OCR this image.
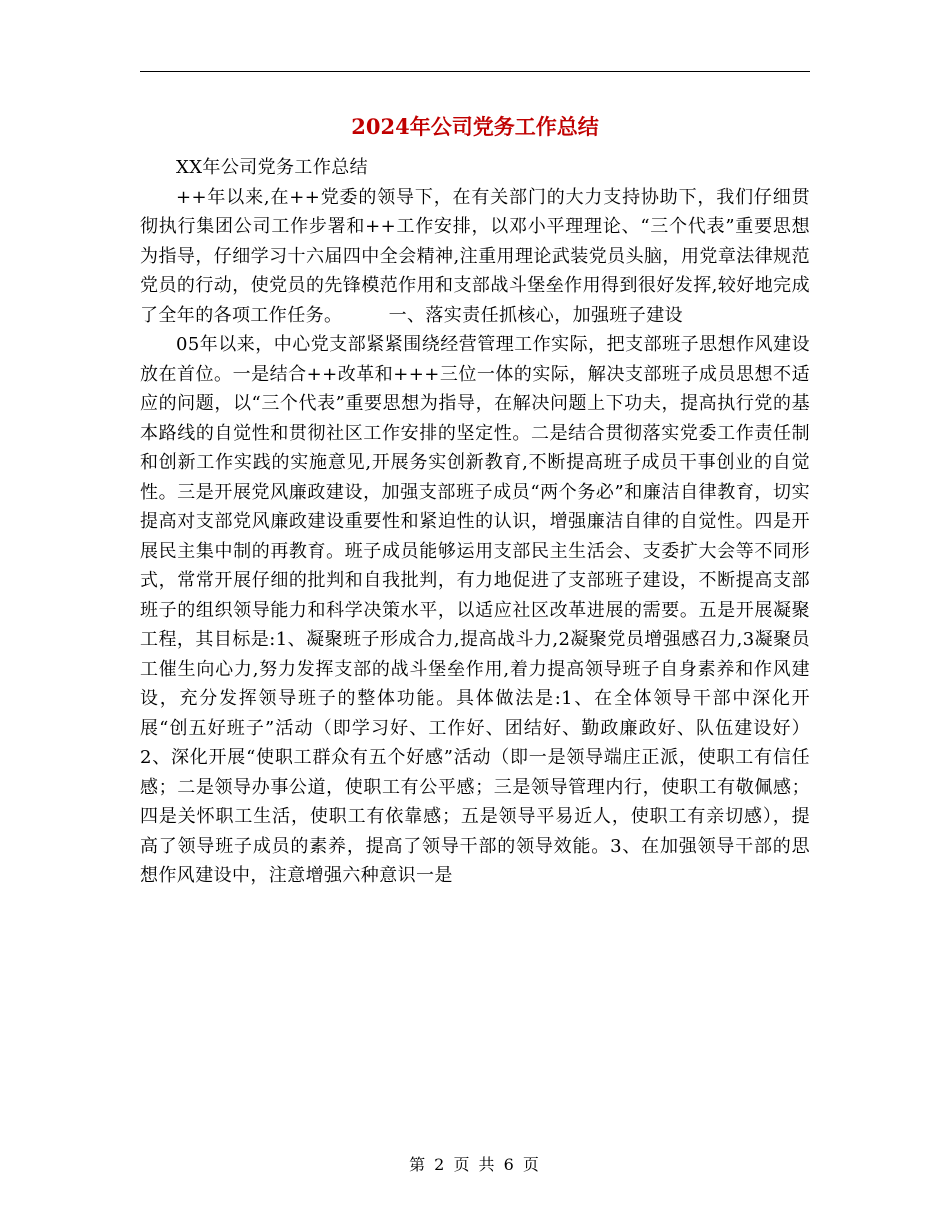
2024年公司党务工作总结

XX年公司党务工作总结

++年以来,在++党委的领导下，在有关部门的大力支持协助下，我们仔细贯彻执行集团公司工作步署和++工作安排，以邓小平理理论、“三个代表”重要思想为指导，仔细学习十六届四中全会精神,注重用理论武装党员头脑，用党章法律规范党员的行动，使党员的先锋模范作用和支部战斗堡垒作用得到很好发挥,较好地完成了全年的各项工作任务。　　　一、落实责任抓核心，加强班子建设

05年以来，中心党支部紧紧围绕经营管理工作实际，把支部班子思想作风建设放在首位。一是结合++改革和+++三位一体的实际，解决支部班子成员思想不适应的问题，以“三个代表”重要思想为指导，在解决问题上下功夫，提高执行党的基本路线的自觉性和贯彻社区工作安排的坚定性。二是结合贯彻落实党委工作责任制和创新工作实践的实施意见,开展务实创新教育,不断提高班子成员干事创业的自觉性。三是开展党风廉政建设，加强支部班子成员“两个务必”和廉洁自律教育，切实提高对支部党风廉政建设重要性和紧迫性的认识，增强廉洁自律的自觉性。四是开展民主集中制的再教育。班子成员能够运用支部民主生活会、支委扩大会等不同形式，常常开展仔细的批判和自我批判，有力地促进了支部班子建设，不断提高支部班子的组织领导能力和科学决策水平，以适应社区改革进展的需要。五是开展凝聚工程，其目标是:1、凝聚班子形成合力,提高战斗力,2凝聚党员增强感召力,3凝聚员工催生向心力,努力发挥支部的战斗堡垒作用,着力提高领导班子自身素养和作风建设，充分发挥领导班子的整体功能。具体做法是:1、在全体领导干部中深化开展“创五好班子”活动（即学习好、工作好、团结好、勤政廉政好、队伍建设好）2、深化开展“使职工群众有五个好感”活动（即一是领导端庄正派，使职工有信任感；二是领导办事公道，使职工有公平感；三是领导管理内行，使职工有敬佩感；四是关怀职工生活，使职工有依靠感；五是领导平易近人，使职工有亲切感），提高了领导班子成员的素养，提高了领导干部的领导效能。3、在加强领导干部的思想作风建设中，注意增强六种意识一是

第 2 页 共 6 页
